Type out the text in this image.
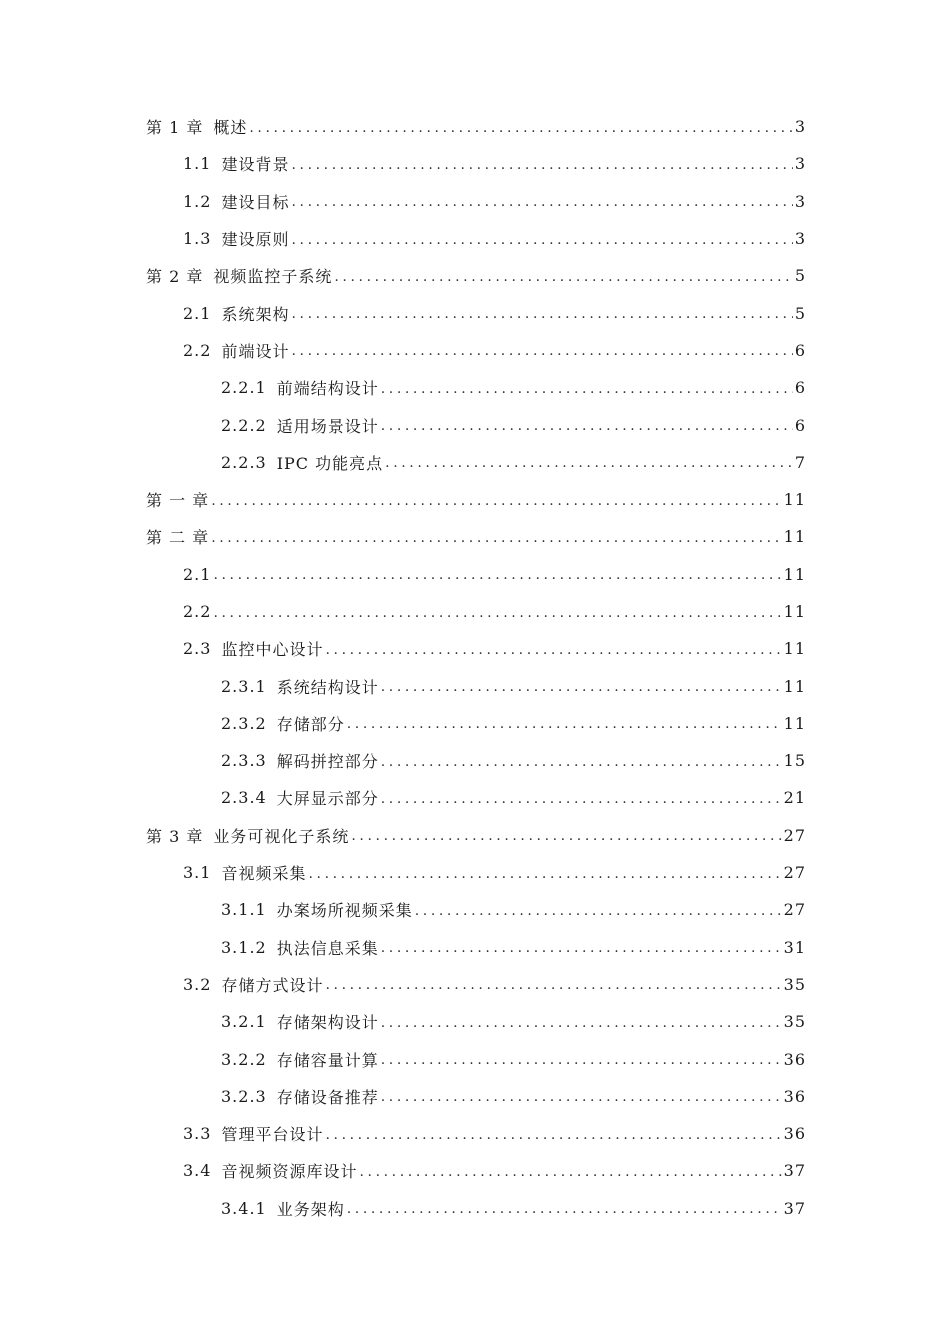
第 1 章 概述 .....	3
1.1 建设背景 .....	3
1.2 建设目标 .....	3
1.3 建设原则 .....	3
第 2 章 视频监控子系统 .....	5
2.1 系统架构 .....	5
2.2 前端设计 .....	6
2.2.1 前端结构设计 .....	6
2.2.2 适用场景设计 .....	6
2.2.3 IPC 功能亮点 .....	7
第 一 章 .....	11
第 二 章 .....	11
2.1 .....	11
2.2 .....	11
2.3 监控中心设计 .....	11
2.3.1 系统结构设计 .....	11
2.3.2 存储部分 .....	11
2.3.3 解码拼控部分 .....	15
2.3.4 大屏显示部分 .....	21
第 3 章 业务可视化子系统 .....	27
3.1 音视频采集 .....	27
3.1.1 办案场所视频采集 .....	27
3.1.2 执法信息采集 .....	31
3.2 存储方式设计 .....	35
3.2.1 存储架构设计 .....	35
3.2.2 存储容量计算 .....	36
3.2.3 存储设备推荐 .....	36
3.3 管理平台设计 .....	36
3.4 音视频资源库设计 .....	37
3.4.1 业务架构 .....	37
